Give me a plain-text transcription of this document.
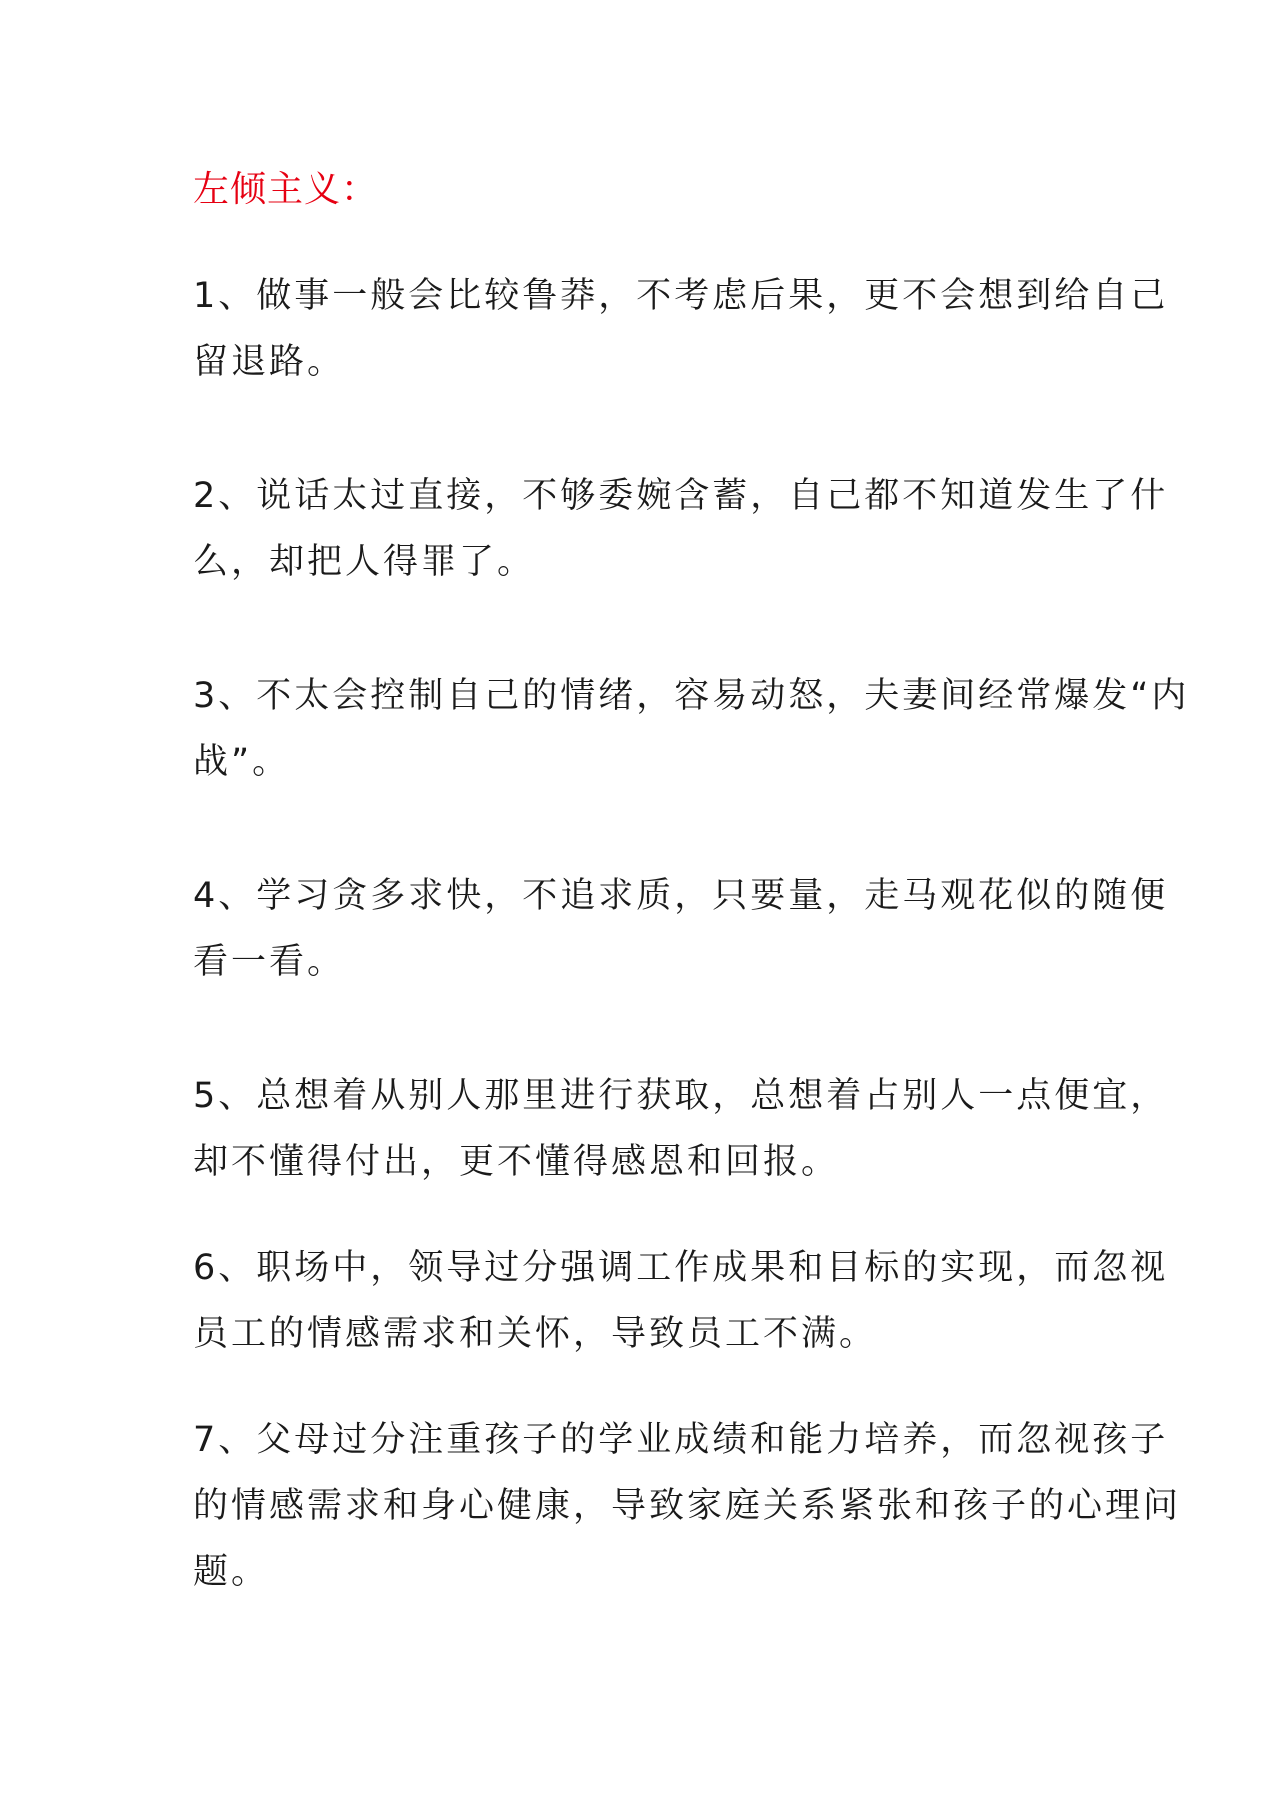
左倾主义：
1、做事一般会比较鲁莽，不考虑后果，更不会想到给自己
留退路。
2、说话太过直接，不够委婉含蓄，自己都不知道发生了什
么，却把人得罪了。
3、不太会控制自己的情绪，容易动怒，夫妻间经常爆发“内
战”。
4、学习贪多求快，不追求质，只要量，走马观花似的随便
看一看。
5、总想着从别人那里进行获取，总想着占别人一点便宜，
却不懂得付出，更不懂得感恩和回报。
6、职场中，领导过分强调工作成果和目标的实现，而忽视
员工的情感需求和关怀，导致员工不满。
7、父母过分注重孩子的学业成绩和能力培养，而忽视孩子
的情感需求和身心健康，导致家庭关系紧张和孩子的心理问
题。
